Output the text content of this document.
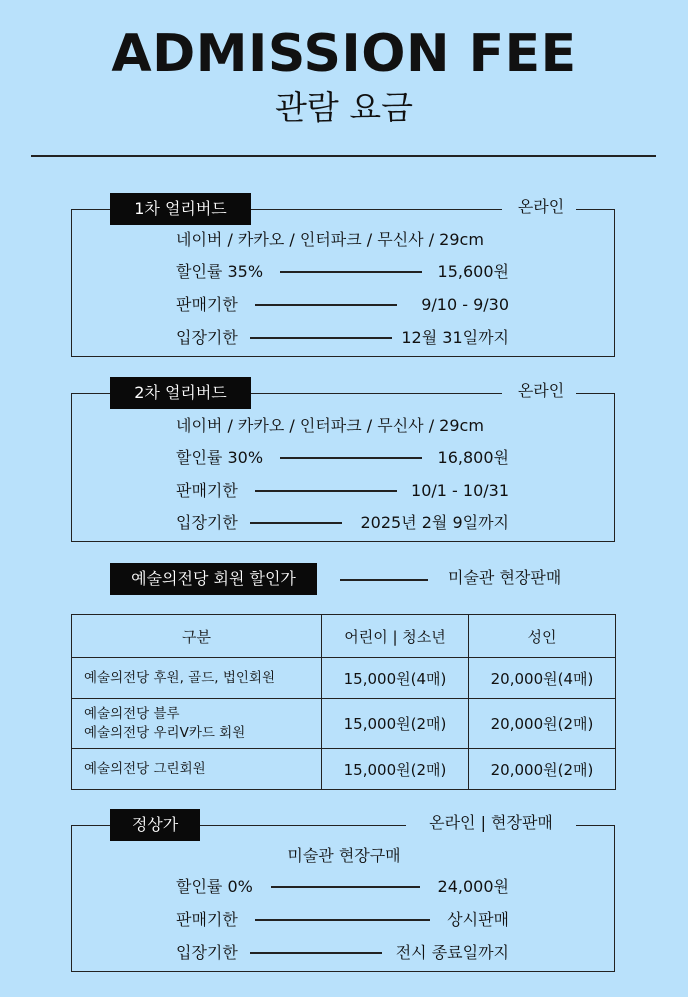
ADMISSION FEE
관람 요금
1차 얼리버드	온라인
네이버 / 카카오 / 인터파크 / 무신사 / 29cm
할인률 35%	15,600원
판매기한	9/10 - 9/30
입장기한	12월 31일까지
2차 얼리버드	온라인
네이버 / 카카오 / 인터파크 / 무신사 / 29cm
할인률 30%	16,800원
판매기한	10/1 - 10/31
입장기한	2025년 2월 9일까지
예술의전당 회원 할인가	미술관 현장판매
구분	어린이 | 청소년	성인
예술의전당 후원, 골드, 법인회원	15,000원(4매)	20,000원(4매)
예술의전당 블루
예술의전당 우리V카드 회원	15,000원(2매)	20,000원(2매)
예술의전당 그린회원	15,000원(2매)	20,000원(2매)
정상가	온라인 | 현장판매
미술관 현장구매
할인률 0%	24,000원
판매기한	상시판매
입장기한	전시 종료일까지
